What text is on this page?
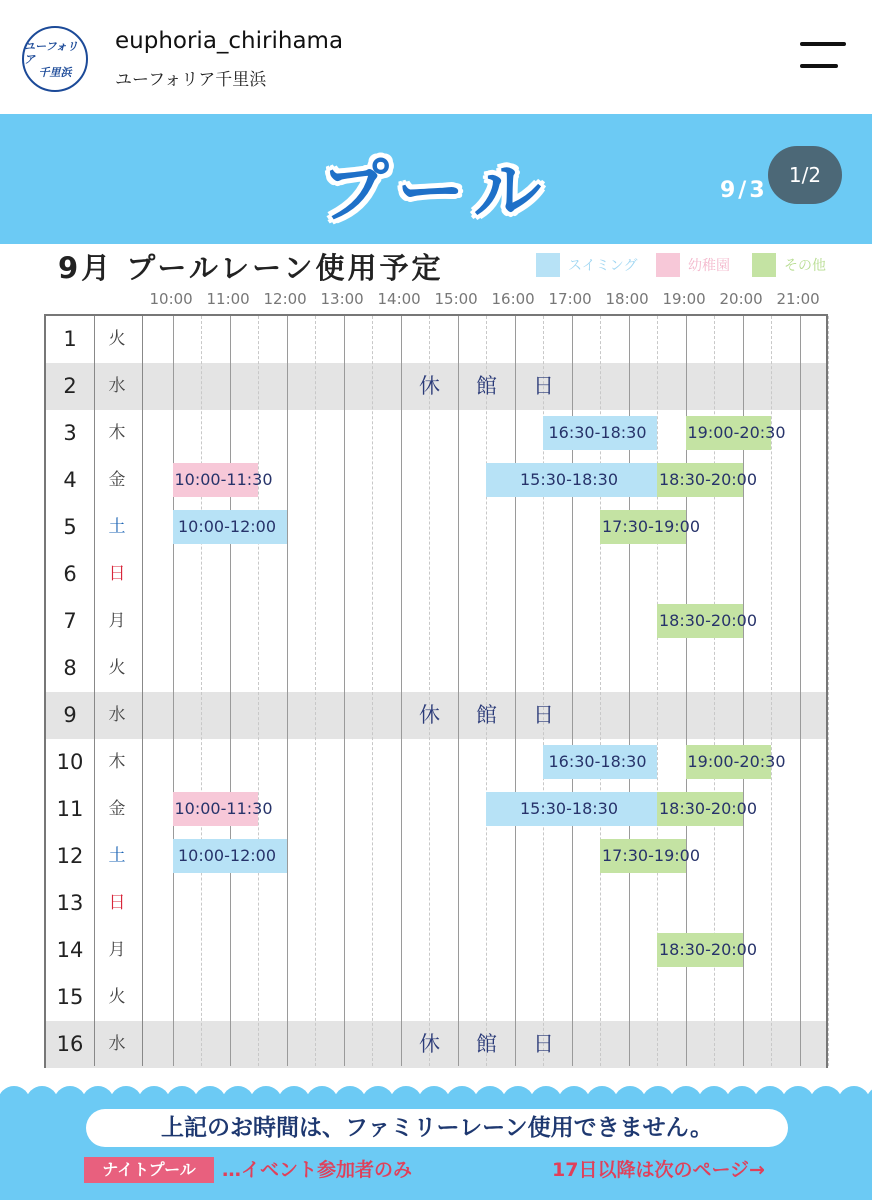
ユーフォリア
千里浜
euphoria_chirihama
ユーフォリア千里浜
プール	9/3
1/2
9月 プールレーン使用予定	スイミング	幼稚園	その他
10:00 11:00 12:00 13:00 14:00 15:00 16:00 17:00 18:00 19:00 20:00 21:00
1	火
2	水	休 館 日
3	木	16:30-18:30	19:00-20:30
4	金	10:00-11:30	15:30-18:30	18:30-20:00
5	土	10:00-12:00	17:30-19:00
6	日
7	月	18:30-20:00
8	火
9	水	休 館 日
10	木	16:30-18:30	19:00-20:30
11	金	10:00-11:30	15:30-18:30	18:30-20:00
12	土	10:00-12:00	17:30-19:00
13	日
14	月	18:30-20:00
15	火
16	水	休 館 日
上記のお時間は、ファミリーレーン使用できません。
ナイトプール	…イベント参加者のみ	17日以降は次のページ→
